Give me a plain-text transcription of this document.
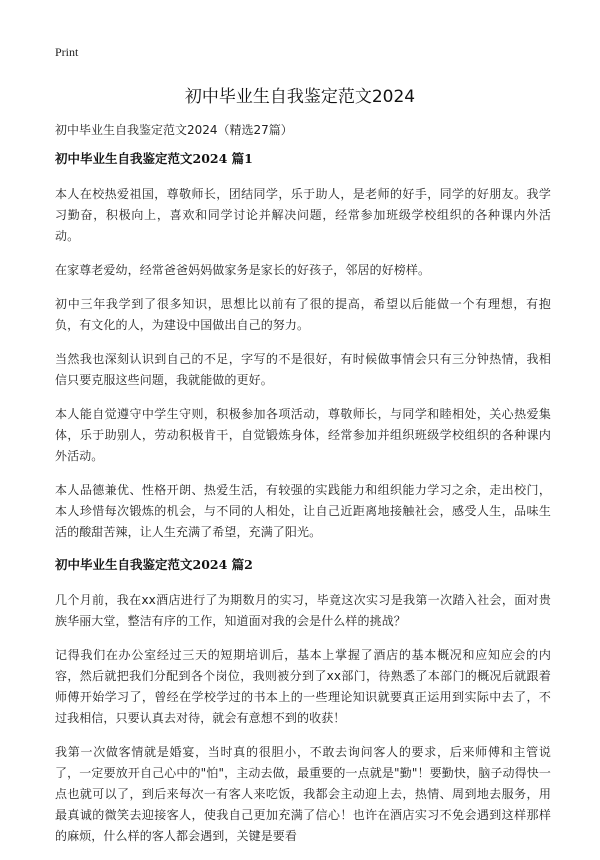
Print
初中毕业生自我鉴定范文2024
初中毕业生自我鉴定范文2024（精选27篇）
初中毕业生自我鉴定范文2024 篇1

本人在校热爱祖国，尊敬师长，团结同学，乐于助人，是老师的好手，同学的好朋友。我学习勤奋，积极向上，喜欢和同学讨论并解决问题，经常参加班级学校组织的各种课内外活动。

在家尊老爱幼，经常爸爸妈妈做家务是家长的好孩子，邻居的好榜样。

初中三年我学到了很多知识，思想比以前有了很的提高，希望以后能做一个有理想，有抱负，有文化的人，为建设中国做出自己的努力。

当然我也深刻认识到自己的不足，字写的不是很好，有时候做事情会只有三分钟热情，我相信只要克服这些问题，我就能做的更好。

本人能自觉遵守中学生守则，积极参加各项活动，尊敬师长，与同学和睦相处，关心热爱集体，乐于助别人，劳动积极肯干，自觉锻炼身体，经常参加并组织班级学校组织的各种课内外活动。

本人品德兼优、性格开朗、热爱生活，有较强的实践能力和组织能力学习之余，走出校门，本人珍惜每次锻炼的机会，与不同的人相处，让自己近距离地接触社会，感受人生，品味生活的酸甜苦辣，让人生充满了希望，充满了阳光。

初中毕业生自我鉴定范文2024 篇2

几个月前，我在xx酒店进行了为期数月的实习，毕竟这次实习是我第一次踏入社会，面对贵族华丽大堂，整洁有序的工作，知道面对我的会是什么样的挑战？

记得我们在办公室经过三天的短期培训后，基本上掌握了酒店的基本概况和应知应会的内容，然后就把我们分配到各个岗位，我则被分到了xx部门，待熟悉了本部门的概况后就跟着师傅开始学习了，曾经在学校学过的书本上的一些理论知识就要真正运用到实际中去了，不过我相信，只要认真去对待，就会有意想不到的收获！

我第一次做客情就是婚宴，当时真的很胆小，不敢去询问客人的要求，后来师傅和主管说了，一定要放开自己心中的"怕"，主动去做，最重要的一点就是"勤"！要勤快，脑子动得快一点也就可以了，到后来每次一有客人来吃饭，我都会主动迎上去，热情、周到地去服务，用最真诚的微笑去迎接客人，使我自己更加充满了信心！也许在酒店实习不免会遇到这样那样的麻烦，什么样的客人都会遇到，关键是要看
